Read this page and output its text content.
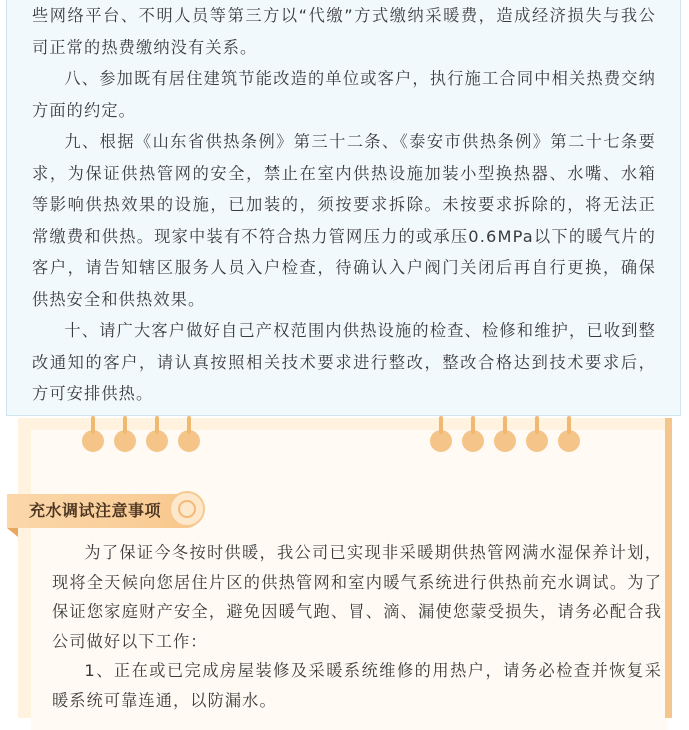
些网络平台、不明人员等第三方以“代缴”方式缴纳采暖费，造成经济损失与我公司正常的热费缴纳没有关系。

八、参加既有居住建筑节能改造的单位或客户，执行施工合同中相关热费交纳方面的约定。

九、根据《山东省供热条例》第三十二条、《泰安市供热条例》第二十七条要求，为保证供热管网的安全，禁止在室内供热设施加装小型换热器、水嘴、水箱等影响供热效果的设施，已加装的，须按要求拆除。未按要求拆除的，将无法正常缴费和供热。现家中装有不符合热力管网压力的或承压0.6MPa以下的暖气片的客户，请告知辖区服务人员入户检查，待确认入户阀门关闭后再自行更换，确保供热安全和供热效果。

十、请广大客户做好自己产权范围内供热设施的检查、检修和维护，已收到整改通知的客户，请认真按照相关技术要求进行整改，整改合格达到技术要求后，方可安排供热。

充水调试注意事项

为了保证今冬按时供暖，我公司已实现非采暖期供热管网满水湿保养计划，现将全天候向您居住片区的供热管网和室内暖气系统进行供热前充水调试。为了保证您家庭财产安全，避免因暖气跑、冒、滴、漏使您蒙受损失，请务必配合我公司做好以下工作：

1、正在或已完成房屋装修及采暖系统维修的用热户，请务必检查并恢复采暖系统可靠连通，以防漏水。
